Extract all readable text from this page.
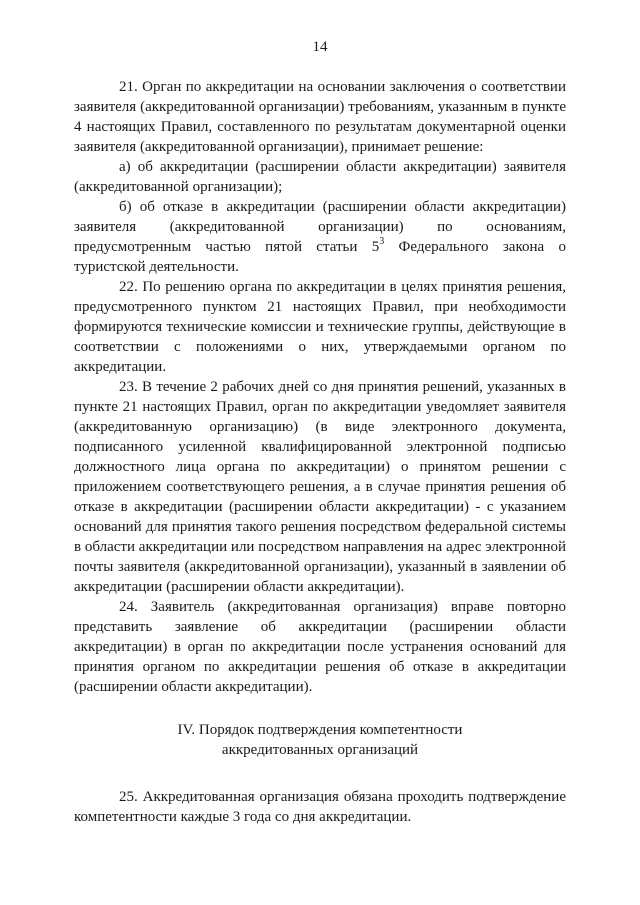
14

21. Орган по аккредитации на основании заключения о соответствии заявителя (аккредитованной организации) требованиям, указанным в пункте 4 настоящих Правил, составленного по результатам документарной оценки заявителя (аккредитованной организации), принимает решение:

а) об аккредитации (расширении области аккредитации) заявителя (аккредитованной организации);

б) об отказе в аккредитации (расширении области аккредитации) заявителя (аккредитованной организации) по основаниям, предусмотренным частью пятой статьи $5^3$ Федерального закона о туристской деятельности.

22. По решению органа по аккредитации в целях принятия решения, предусмотренного пунктом 21 настоящих Правил, при необходимости формируются технические комиссии и технические группы, действующие в соответствии с положениями о них, утверждаемыми органом по аккредитации.

23. В течение 2 рабочих дней со дня принятия решений, указанных в пункте 21 настоящих Правил, орган по аккредитации уведомляет заявителя (аккредитованную организацию) (в виде электронного документа, подписанного усиленной квалифицированной электронной подписью должностного лица органа по аккредитации) о принятом решении с приложением соответствующего решения, а в случае принятия решения об отказе в аккредитации (расширении области аккредитации) - с указанием оснований для принятия такого решения посредством федеральной системы в области аккредитации или посредством направления на адрес электронной почты заявителя (аккредитованной организации), указанный в заявлении об аккредитации (расширении области аккредитации).

24. Заявитель (аккредитованная организация) вправе повторно представить заявление об аккредитации (расширении области аккредитации) в орган по аккредитации после устранения оснований для принятия органом по аккредитации решения об отказе в аккредитации (расширении области аккредитации).

IV. Порядок подтверждения компетентности
аккредитованных организаций

25. Аккредитованная организация обязана проходить подтверждение компетентности каждые 3 года со дня аккредитации.
